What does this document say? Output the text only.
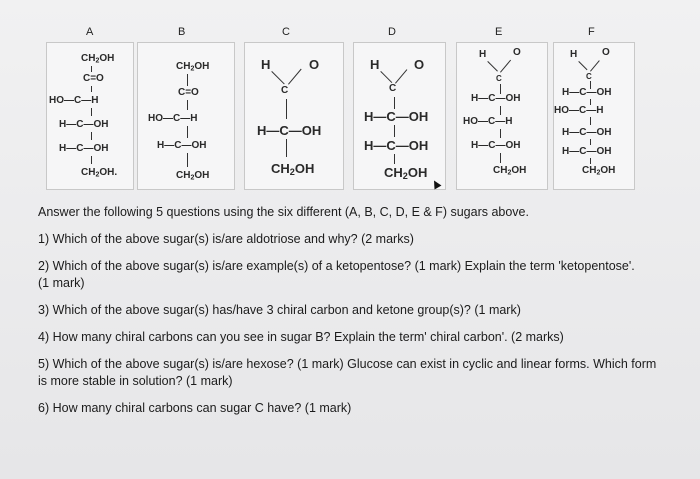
A	B	C	D	E	F
CH2OH
C=O
HO—C—H
H—C—OH
H—C—OH
CH2OH.
CH2OH
C=O
HO—C—H
H—C—OH
CH2OH
H	O
C
H—C—OH
$CH_2OH$
H	O
C
H—C—OH
H—C—OH
$CH_2OH$
H	O
C
H—C—OH
HO—C—H
H—C—OH
CH2OH
H O
C
H—C—OH
HO—C—H
H—C—OH
H—C—OH
CH2OH

Answer the following 5 questions using the six different (A, B, C, D, E & F) sugars above.

1) Which of the above sugar(s) is/are aldotriose and why? (2 marks)

2) Which of the above sugar(s) is/are example(s) of a ketopentose? (1 mark) Explain the term 'ketopentose'. (1 mark)

3) Which of the above sugar(s) has/have 3 chiral carbon and ketone group(s)? (1 mark)

4) How many chiral carbons can you see in sugar B? Explain the term' chiral carbon'. (2 marks)

5) Which of the above sugar(s) is/are hexose? (1 mark) Glucose can exist in cyclic and linear forms. Which form is more stable in solution? (1 mark)

6) How many chiral carbons can sugar C have? (1 mark)
